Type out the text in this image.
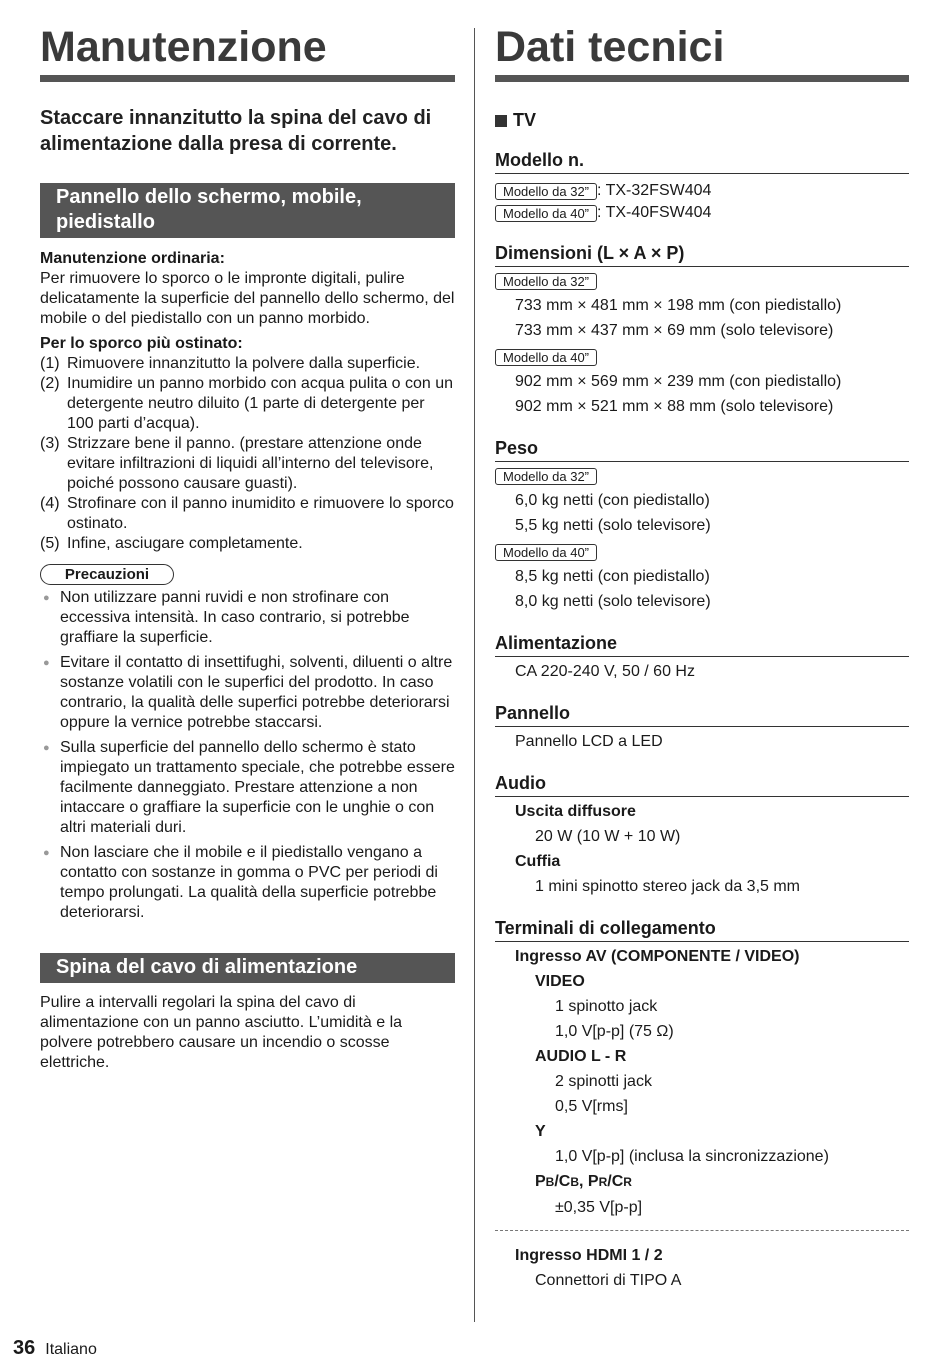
Manutenzione
Staccare innanzitutto la spina del cavo di alimentazione dalla presa di corrente.
Pannello dello schermo, mobile, piedistallo
Manutenzione ordinaria:
Per rimuovere lo sporco o le impronte digitali, pulire delicatamente la superficie del pannello dello schermo, del mobile o del piedistallo con un panno morbido.
Per lo sporco più ostinato:
(1) Rimuovere innanzitutto la polvere dalla superficie.
(2) Inumidire un panno morbido con acqua pulita o con un detergente neutro diluito (1 parte di detergente per 100 parti d’acqua).
(3) Strizzare bene il panno. (prestare attenzione onde evitare infiltrazioni di liquidi all’interno del televisore, poiché possono causare guasti).
(4) Strofinare con il panno inumidito e rimuovere lo sporco ostinato.
(5) Infine, asciugare completamente.
Precauzioni
● Non utilizzare panni ruvidi e non strofinare con eccessiva intensità. In caso contrario, si potrebbe graffiare la superficie.
● Evitare il contatto di insettifughi, solventi, diluenti o altre sostanze volatili con le superfici del prodotto. In caso contrario, la qualità delle superfici potrebbe deteriorarsi oppure la vernice potrebbe staccarsi.
● Sulla superficie del pannello dello schermo è stato impiegato un trattamento speciale, che potrebbe essere facilmente danneggiato. Prestare attenzione a non intaccare o graffiare la superficie con le unghie o con altri materiali duri.
● Non lasciare che il mobile e il piedistallo vengano a contatto con sostanze in gomma o PVC per periodi di tempo prolungati. La qualità della superficie potrebbe deteriorarsi.
Spina del cavo di alimentazione
Pulire a intervalli regolari la spina del cavo di alimentazione con un panno asciutto. L’umidità e la polvere potrebbero causare un incendio o scosse elettriche.
Dati tecnici
TV
Modello n.
Modello da 32” : TX-32FSW404
Modello da 40” : TX-40FSW404
Dimensioni (L × A × P)
Modello da 32”
733 mm × 481 mm × 198 mm (con piedistallo)
733 mm × 437 mm × 69 mm (solo televisore)
Modello da 40”
902 mm × 569 mm × 239 mm (con piedistallo)
902 mm × 521 mm × 88 mm (solo televisore)
Peso
Modello da 32”
6,0 kg netti (con piedistallo)
5,5 kg netti (solo televisore)
Modello da 40”
8,5 kg netti (con piedistallo)
8,0 kg netti (solo televisore)
Alimentazione
CA 220-240 V, 50 / 60 Hz
Pannello
Pannello LCD a LED
Audio
Uscita diffusore
20 W (10 W + 10 W)
Cuffia
1 mini spinotto stereo jack da 3,5 mm
Terminali di collegamento
Ingresso AV (COMPONENTE / VIDEO)
VIDEO
1 spinotto jack
1,0 V[p-p] (75 Ω)
AUDIO L - R
2 spinotti jack
0,5 V[rms]
Y
1,0 V[p-p] (inclusa la sincronizzazione)
PB/CB, PR/CR
±0,35 V[p-p]
Ingresso HDMI 1 / 2
Connettori di TIPO A
36 Italiano
